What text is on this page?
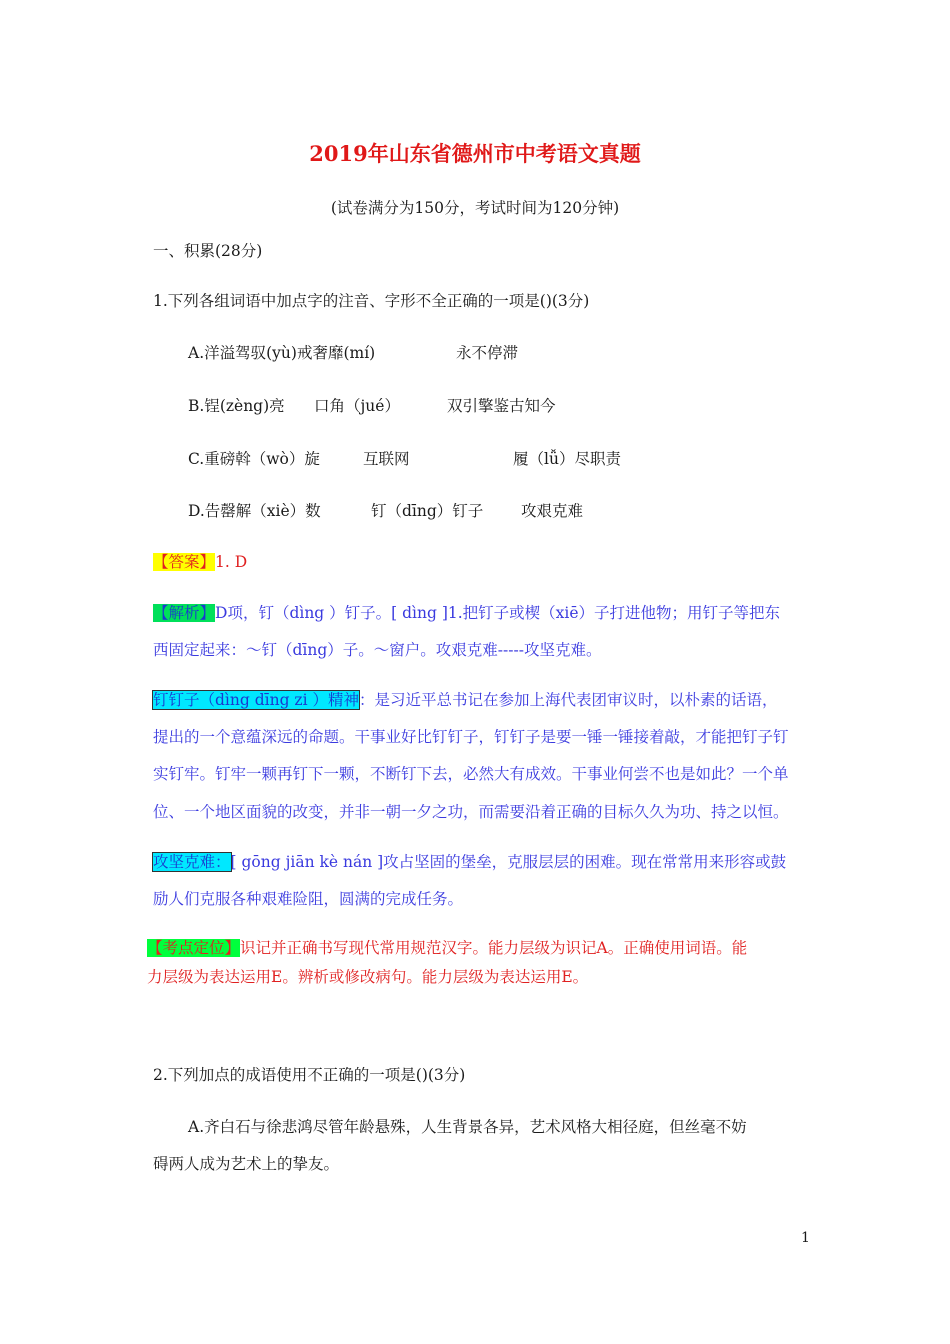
2019年山东省德州市中考语文真题
(试卷满分为150分，考试时间为120分钟)
一、积累(28分)
1.下列各组词语中加点字的注音、字形不全正确的一项是()(3分)
A.洋溢驾驭(yù)戒奢靡(mí)	永不停滞
B.锃(zèng)亮 口角（jué）	双引擎鉴古知今
C.重磅斡（wò）旋	互联网	履（lǚ）尽职责
D.告罄解（xiè）数	钉（dīng）钉子 攻艰克难
【答案】1. D
【解析】D项，钉（dìng ）钉子。[ dìng ]1.把钉子或楔（xiē）子打进他物；用钉子等把东
西固定起来：～钉（dīng）子。～窗户。攻艰克难-----攻坚克难。
钉钉子（dìng dīng zi ）精神：是习近平总书记在参加上海代表团审议时，以朴素的话语，
提出的一个意蕴深远的命题。干事业好比钉钉子，钉钉子是要一锤一锤接着敲，才能把钉子钉
实钉牢。钉牢一颗再钉下一颗，不断钉下去，必然大有成效。干事业何尝不也是如此？一个单
位、一个地区面貌的改变，并非一朝一夕之功，而需要沿着正确的目标久久为功、持之以恒。
攻坚克难：[ gōng jiān kè nán ]攻占坚固的堡垒，克服层层的困难。现在常常用来形容或鼓
励人们克服各种艰难险阻，圆满的完成任务。
【考点定位】识记并正确书写现代常用规范汉字。能力层级为识记A。正确使用词语。能
力层级为表达运用E。辨析或修改病句。能力层级为表达运用E。
2.下列加点的成语使用不正确的一项是()(3分)
A.齐白石与徐悲鸿尽管年龄悬殊，人生背景各异，艺术风格大相径庭，但丝毫不妨
碍两人成为艺术上的挚友。
1
